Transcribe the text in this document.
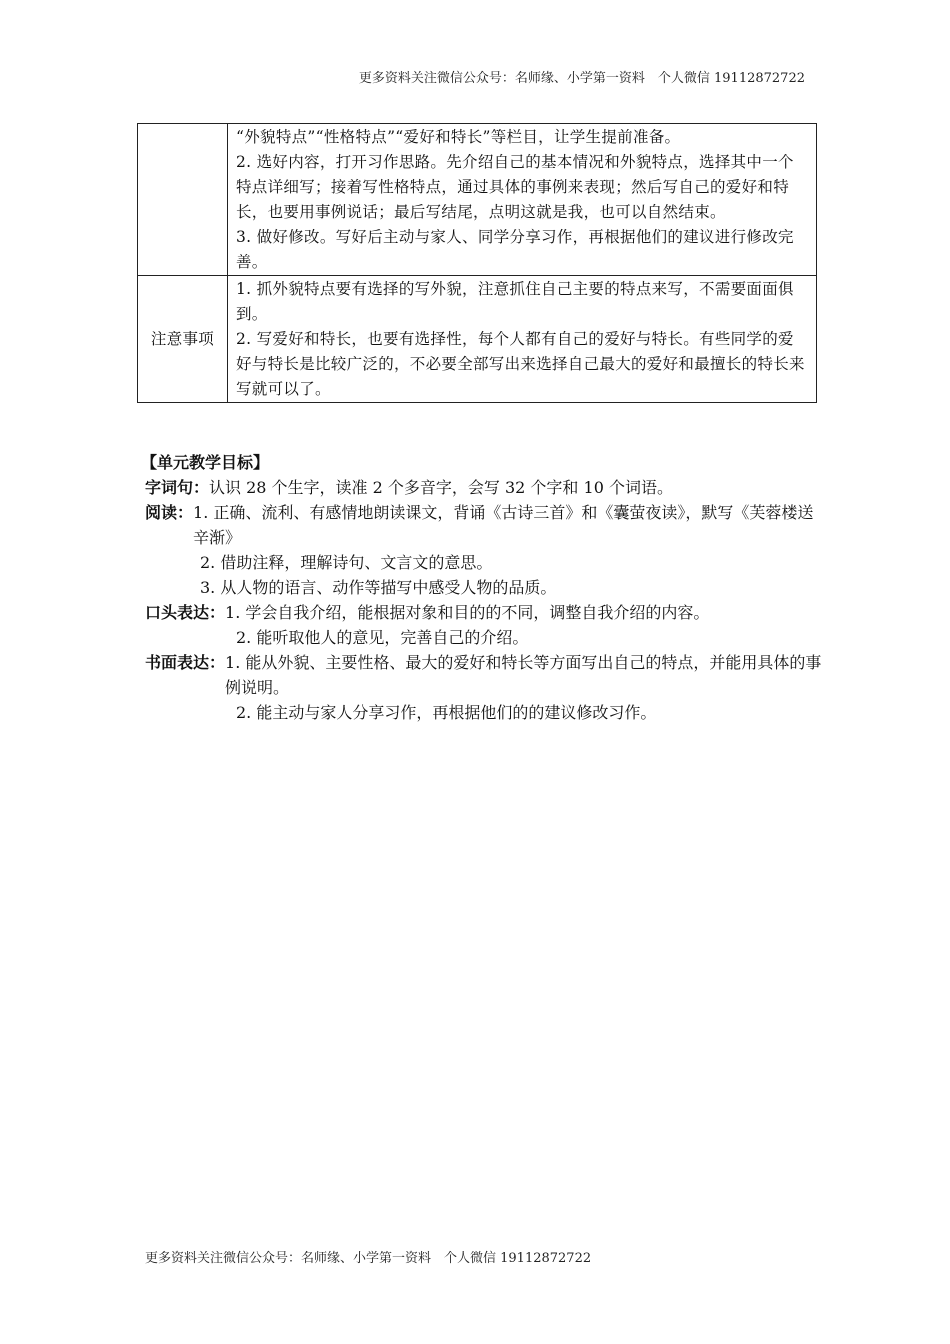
更多资料关注微信公众号：名师缘、小学第一资料　个人微信 19112872722

	“外貌特点”“性格特点”“爱好和特长”等栏目，让学生提前准备。

2. 选好内容，打开习作思路。先介绍自己的基本情况和外貌特点，选择其中一个特点详细写；接着写性格特点，通过具体的事例来表现；然后写自己的爱好和特长，也要用事例说话；最后写结尾，点明这就是我，也可以自然结束。

3. 做好修改。写好后主动与家人、同学分享习作，再根据他们的建议进行修改完善。

注意事项	1. 抓外貌特点要有选择的写外貌，注意抓住自己主要的特点来写，不需要面面俱到。

2. 写爱好和特长，也要有选择性，每个人都有自己的爱好与特长。有些同学的爱好与特长是比较广泛的，不必要全部写出来选择自己最大的爱好和最擅长的特长来写就可以了。

【单元教学目标】
字词句： 认识 28 个生字，读准 2 个多音字，会写 32 个字和 10 个词语。
阅读： 1. 正确、流利、有感情地朗读课文，背诵《古诗三首》和《囊萤夜读》，默写《芙蓉楼送辛渐》

2. 借助注释，理解诗句、文言文的意思。

3. 从人物的语言、动作等描写中感受人物的品质。

口头表达： 1. 学会自我介绍，能根据对象和目的的不同，调整自我介绍的内容。

2. 能听取他人的意见，完善自己的介绍。

书面表达： 1. 能从外貌、主要性格、最大的爱好和特长等方面写出自己的特点，并能用具体的事例说明。

2. 能主动与家人分享习作，再根据他们的的建议修改习作。

更多资料关注微信公众号：名师缘、小学第一资料　个人微信 19112872722
